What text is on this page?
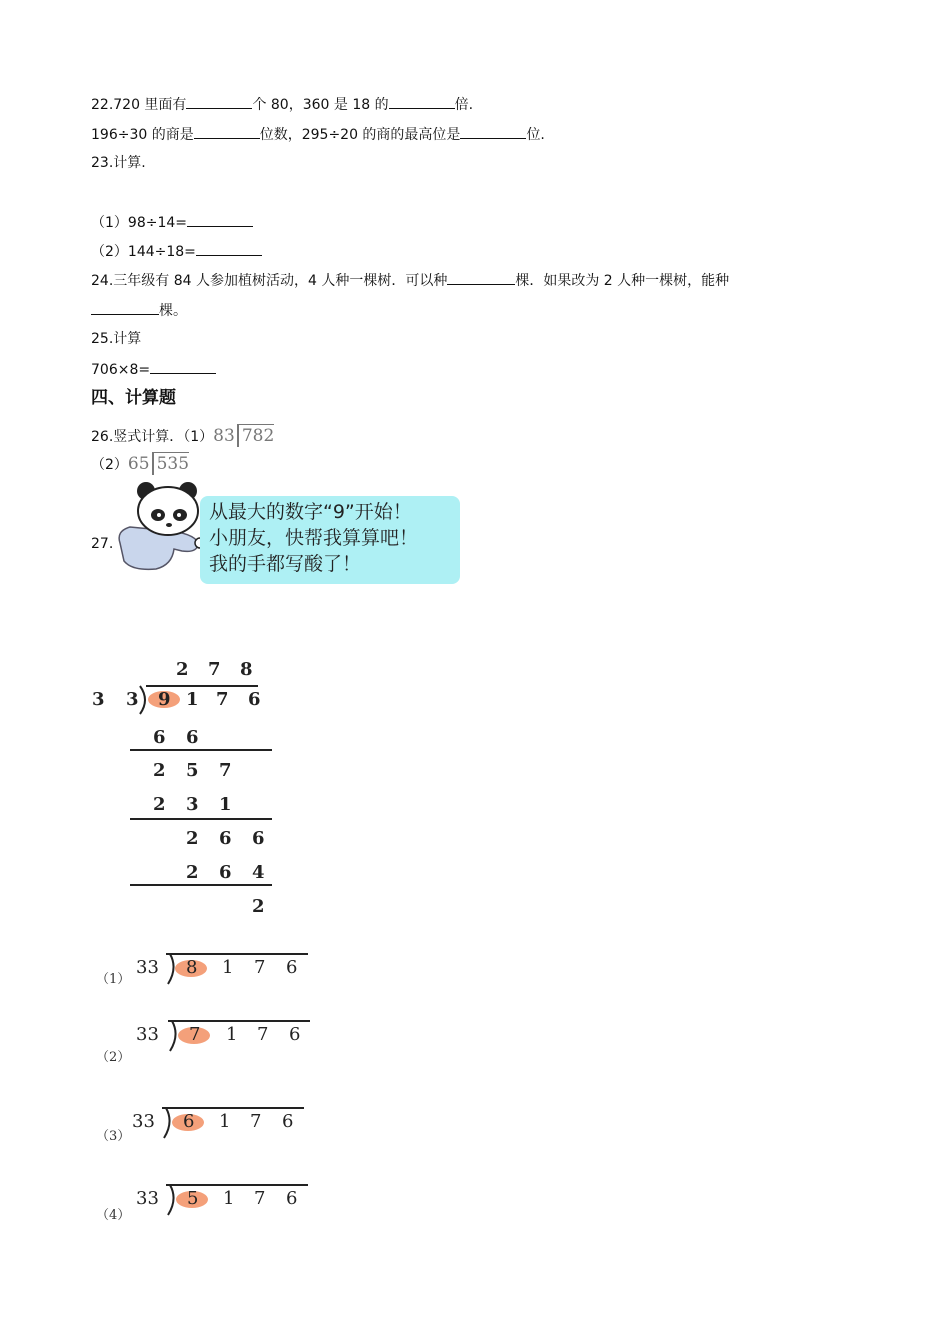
22.720 里面有	个 80，360 是 18 的	倍.
196÷30 的商是	位数，295÷20 的商的最高位是	位.
23.计算.
（1）98÷14=
（2）144÷18=
24.三年级有 84 人参加植树活动，4 人种一棵树．可以种	棵．如果改为 2 人种一棵树，能种
棵。
25.计算
706×8=
四、计算题
26.竖式计算．（1）83 782
（2）65 535
27.
从最大的数字“9”开始！
小朋友，快帮我算算吧！
我的手都写酸了！
2 7 8
3 3 9 1 7 6
6 6
2 5 7
2 3 1
2 6 6
2 6 4
2
（1）
33 8 1 7 6
（2）
33 7 1 7 6
（3）
33 6 1 7 6
（4）
33 5 1 7 6
